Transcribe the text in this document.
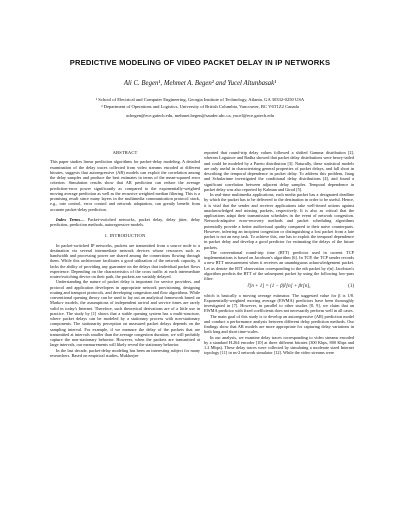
PREDICTIVE MODELING OF VIDEO PACKET DELAY IN IP NETWORKS
Ali C. Begen¹, Mehmet A. Begen² and Yucel Altunbasak¹
¹ School of Electrical and Computer Engineering, Georgia Institute of Technology, Atlanta, GA 30332-0250 USA
² Department of Operations and Logistics, University of British Columbia, Vancouver, BC V6T1Z2 Canada
acbegen@ece.gatech.edu, mehmet.begen@sauder.ubc.ca, yucel@ece.gatech.edu
ABSTRACT

This paper studies linear prediction algorithms for packet-delay modeling. A detailed examination of the delay traces collected from video streams encoded at different bitrates, suggests that autoregressive (AR) models can exploit the correlation among the delay samples and produce the best estimates in terms of the mean-squared error criterion. Simulation results show that AR prediction can reduce the average prediction-error power significantly as compared to the exponentially-weighted moving average prediction as well as the recursive weighted median filtering. This is a promising result since many layers in the multimedia communication protocol stack, e.g., rate control, error control and network adaptation, can greatly benefit from accurate packet-delay prediction.

Index Terms— Packet-switched networks, packet delay, delay jitter, delay prediction, prediction methods, autoregressive models.

1. INTRODUCTION

In packet-switched IP networks, packets are transmitted from a source node to a destination via several intermediate network devices whose resources such as bandwidth and processing power are shared among the connections flowing through them. While this architecture facilitates a good utilization of the network capacity, it lacks the ability of providing any guarantee on the delays that individual packet flows experience. Depending on the characteristics of the cross traffic at each intermediate router/switching device on their path, the packets are variably delayed.

Understanding the nature of packet delay is important for service providers, and protocol and application developers in appropriate network provisioning, designing routing and transport protocols, and developing congestion and flow algorithms. While conventional queuing theory can be used to lay out an analytical framework based on Markov models, the assumptions of independent arrival and service times are rarely valid in today's Internet. Therefore, such theoretical derivations are of a little use in practice. The study by [1] shows that a stable queuing system has a multi-structure, where packet delays can be modeled by a stationary process with non-stationary components. The stationarity perception on measured packet delays depends on the sampling interval. For example, if we measure the delay of the packets that are transmitted at intervals smaller than the average congestion duration, we will probably capture the non-stationary behavior. However, when the packets are transmitted at large intervals, our measurements will likely reveal the stationary behavior.

In the last decade, packet-delay modeling has been an interesting subject for many researchers. Based on empirical studies, Mukherjee

reported that round-trip delay values followed a shifted Gamma distribution [2], whereas Loguinov and Radha showed that packet delay distributions were heavy-tailed and could be modeled by a Pareto distribution [3]. Naturally, these statistical models are only useful in characterizing general properties of packet delays, and fall short in describing the temporal dependence in packet delay. To address this problem, Jiang and Schulzrinne investigated the conditional delay distributions [4], and found a significant correlation between adjacent delay samples. Temporal dependence in packet delay was also reported by Kalman and Girod [5].

In real-time multimedia applications, each media packet has a designated deadline by which the packet has to be delivered to the destination in order to be useful. Hence, it is vital that the sender and receiver applications take well-timed actions against unacknowledged and missing packets, respectively. It is also as critical that the applications adapt their transmission schedules in the event of network congestion. Network-adaptive error-recovery methods and packet scheduling algorithms potentially provide a better audiovisual quality compared to their naive counterparts. However, inferring an incipient congestion or distinguishing a lost packet from a late packet is not an easy task. To achieve this, one has to exploit the temporal dependence in packet delay and develop a good predictor for estimating the delays of the future packets.

The conventional round-trip time (RTT) predictor used in current TCP implementations is based on Jacobson's algorithm [6]. In TCP, the TCP sender records a new RTT measurement when it receives an unambiguous acknowledgement packet. Let us denote the RTT observation corresponding to the nth packet by r[n]. Jacobson's algorithm predicts the RTT of the subsequent packet by using the following low-pass filter:

r̂[n + 1] = (1 − β)r̂[n] + βr[n],	(1)

which is basically a moving average estimator. The suggested value for β is 1/8. Exponentially-weighted moving average (EWMA) predictors have been thoroughly investigated in [7]. However, in parallel to other studies [8, 9], we claim that an EWMA predictor with fixed coefficients does not necessarily perform well in all cases.

The main goal of this study is to develop an autoregressive (AR) prediction model and conduct a performance analysis between different delay prediction methods. Our findings show that AR models are more appropriate for capturing delay variations in both long and short time-scales.

In our analysis, we examine delay traces corresponding to video streams encoded by a standard H.264 encoder [10] at three different bitrates (300 Kbps, 800 Kbps and 1.2 Mbps). These delay traces were collected by simulating a moderate sized Internet topology [11] in ns-2 network simulator [12]. While the video streams were
